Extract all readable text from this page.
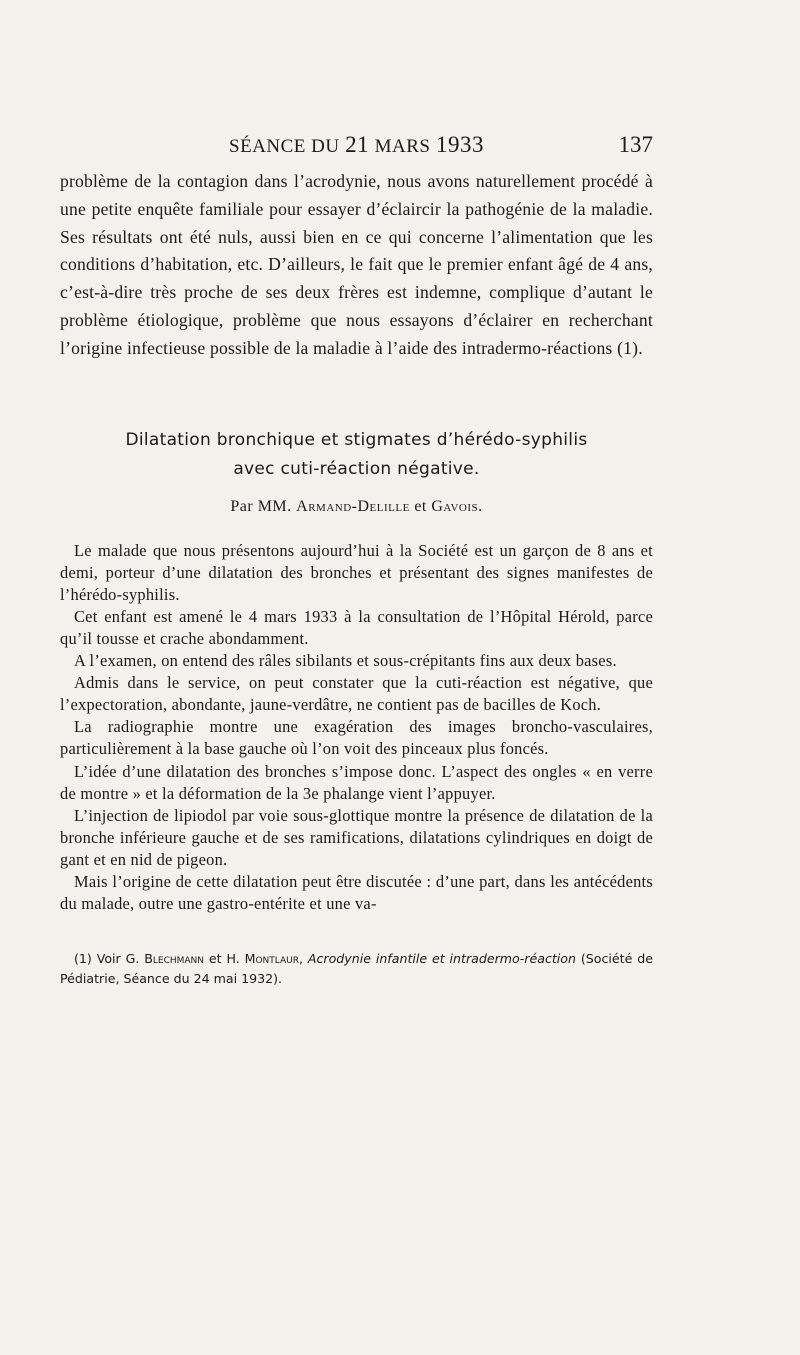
SÉANCE DU 21 MARS 1933	137

problème de la contagion dans l’acrodynie, nous avons naturellement procédé à une petite enquête familiale pour essayer d’éclaircir la pathogénie de la maladie. Ses résultats ont été nuls, aussi bien en ce qui concerne l’alimentation que les conditions d’habitation, etc. D’ailleurs, le fait que le premier enfant âgé de 4 ans, c’est-à-dire très proche de ses deux frères est indemne, complique d’autant le problème étiologique, problème que nous essayons d’éclairer en recherchant l’origine infectieuse possible de la maladie à l’aide des intradermo-réactions (1).

Dilatation bronchique et stigmates d’hérédo-syphilis
avec cuti-réaction négative.
Par MM. Armand-Delille et Gavois.

Le malade que nous présentons aujourd’hui à la Société est un garçon de 8 ans et demi, porteur d’une dilatation des bronches et présentant des signes manifestes de l’hérédo-syphilis.

Cet enfant est amené le 4 mars 1933 à la consultation de l’Hôpital Hérold, parce qu’il tousse et crache abondamment.

A l’examen, on entend des râles sibilants et sous-crépitants fins aux deux bases.

Admis dans le service, on peut constater que la cuti-réaction est négative, que l’expectoration, abondante, jaune-verdâtre, ne contient pas de bacilles de Koch.

La radiographie montre une exagération des images broncho-vasculaires, particulièrement à la base gauche où l’on voit des pinceaux plus foncés.

L’idée d’une dilatation des bronches s’impose donc. L’aspect des ongles « en verre de montre » et la déformation de la 3e phalange vient l’appuyer.

L’injection de lipiodol par voie sous-glottique montre la présence de dilatation de la bronche inférieure gauche et de ses ramifications, dilatations cylindriques en doigt de gant et en nid de pigeon.

Mais l’origine de cette dilatation peut être discutée : d’une part, dans les antécédents du malade, outre une gastro-entérite et une va-

(1) Voir G. Blechmann et H. Montlaur, Acrodynie infantile et intradermo-réaction (Société de Pédiatrie, Séance du 24 mai 1932).
